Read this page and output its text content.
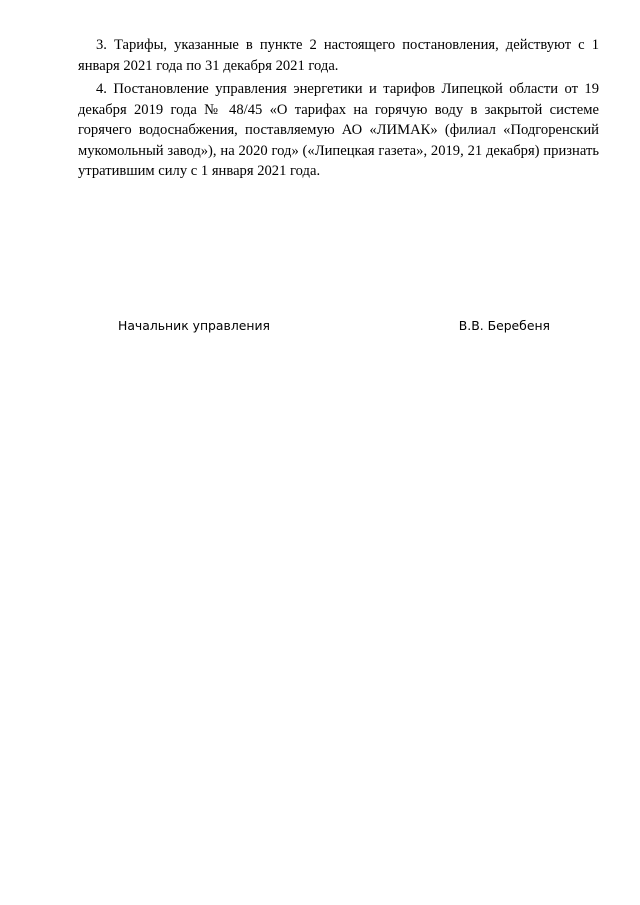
3. Тарифы, указанные в пункте 2 настоящего постановления, действуют с 1 января 2021 года по 31 декабря 2021 года.

4. Постановление управления энергетики и тарифов Липецкой области от 19 декабря 2019 года № 48/45 «О тарифах на горячую воду в закрытой системе горячего водоснабжения, поставляемую АО «ЛИМАК» (филиал «Подгоренский мукомольный завод»), на 2020 год» («Липецкая газета», 2019, 21 декабря) признать утратившим силу с 1 января 2021 года.

Начальник управления	В.В. Беребеня
